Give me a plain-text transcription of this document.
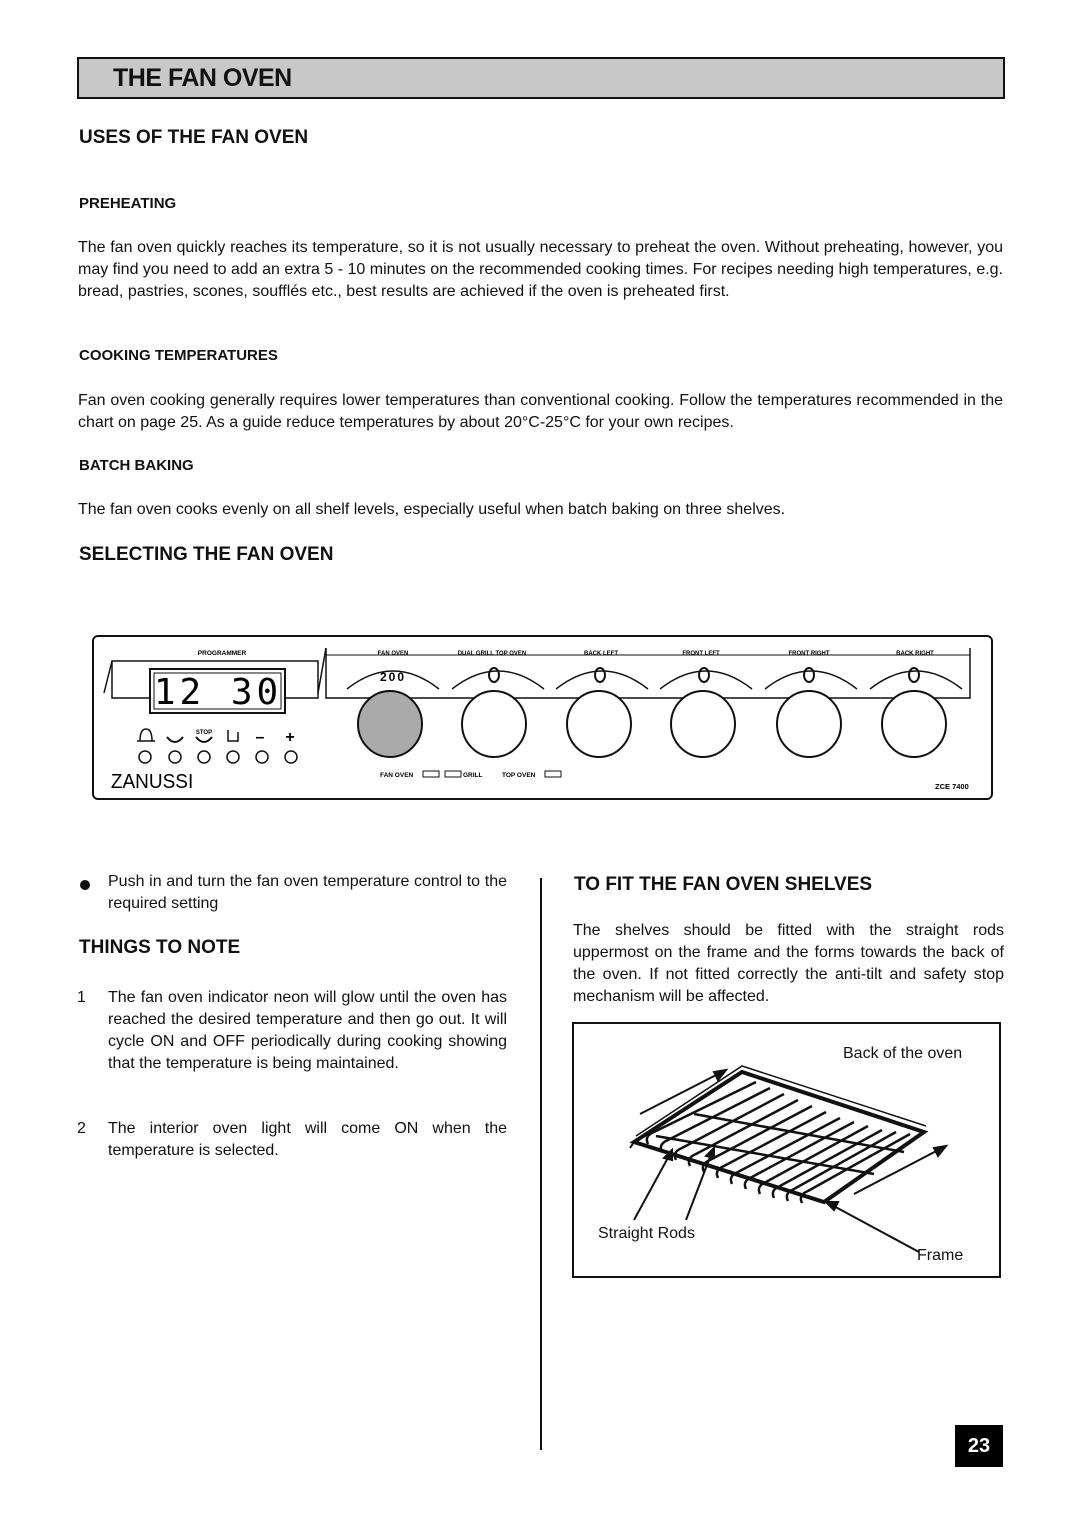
THE FAN OVEN
USES OF THE FAN OVEN
PREHEATING

The fan oven quickly reaches its temperature, so it is not usually necessary to preheat the oven. Without preheating, however, you may find you need to add an extra 5 - 10 minutes on the recommended cooking times. For recipes needing high temperatures, e.g. bread, pastries, scones, soufflés etc., best results are achieved if the oven is preheated first.

COOKING TEMPERATURES

Fan oven cooking generally requires lower temperatures than conventional cooking. Follow the temperatures recommended in the chart on page 25. As a guide reduce temperatures by about 20°C-25°C for your own recipes.

BATCH BAKING

The fan oven cooks evenly on all shelf levels, especially useful when batch baking on three shelves.

SELECTING THE FAN OVEN
PROGRAMMER
12 30
FAN OVEN	DUAL GRILL TOP OVEN	BACK LEFT	FRONT LEFT	FRONT RIGHT	BACK RIGHT
200
STOP	– +
ZANUSSI	FAN OVEN	GRILL	TOP OVEN
ZCE 7400

Push in and turn the fan oven temperature control to the required setting

THINGS TO NOTE
1 The fan oven indicator neon will glow until the oven has reached the desired temperature and then go out. It will cycle ON and OFF periodically during cooking showing that the temperature is being maintained.
2 The interior oven light will come ON when the temperature is selected.
TO FIT THE FAN OVEN SHELVES

The shelves should be fitted with the straight rods uppermost on the frame and the forms towards the back of the oven. If not fitted correctly the anti-tilt and safety stop mechanism will be affected.

Back of the oven
Straight Rods
Frame
23
